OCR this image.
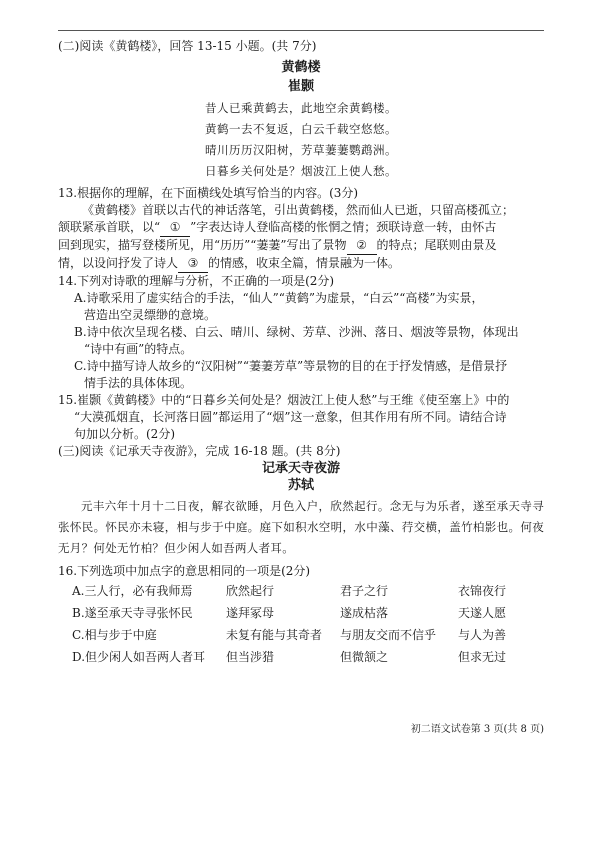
(二)阅读《黄鹤楼》，回答 13-15 小题。(共 7分)
黄鹤楼
崔颢
昔人已乘黄鹤去，此地空余黄鹤楼。
黄鹤一去不复返，白云千载空悠悠。
晴川历历汉阳树，芳草萋萋鹦鹉洲。
日暮乡关何处是？烟波江上使人愁。
13.根据你的理解，在下面横线处填写恰当的内容。(3分)
《黄鹤楼》首联以古代的神话落笔，引出黄鹤楼，然而仙人已逝，只留高楼孤立；
颔联紧承首联，以“ ① ”字表达诗人登临高楼的怅惘之情；颈联诗意一转，由怀古
回到现实，描写登楼所见，用“历历”“萋萋”写出了景物 ② 的特点；尾联则由景及
情，以设问抒发了诗人 ③ 的情感，收束全篇，情景融为一体。
14.下列对诗歌的理解与分析，不正确的一项是(2分)
A.诗歌采用了虚实结合的手法，“仙人”“黄鹤”为虚景，“白云”“高楼”为实景，
营造出空灵缥缈的意境。
B.诗中依次呈现名楼、白云、晴川、绿树、芳草、沙洲、落日、烟波等景物，体现出
“诗中有画”的特点。
C.诗中描写诗人故乡的“汉阳树”“萋萋芳草”等景物的目的在于抒发情感，是借景抒
情手法的具体体现。
15.崔颢《黄鹤楼》中的“日暮乡关何处是？烟波江上使人愁”与王维《使至塞上》中的
“大漠孤烟直，长河落日圆”都运用了“烟”这一意象，但其作用有所不同。请结合诗
句加以分析。(2分)
(三)阅读《记承天寺夜游》，完成 16-18 题。(共 8分)
记承天寺夜游
苏轼
元丰六年十月十二日夜，解衣欲睡，月色入户，欣然起行。念无与为乐者，遂至承天寺寻张怀民。怀民亦未寝，相与步于中庭。庭下如积水空明，水中藻、荇交横，盖竹柏影也。何夜无月？何处无竹柏？但少闲人如吾两人者耳。
16.下列选项中加点字的意思相同的一项是(2分)
A.三人行，必有我师焉	欣然起行	君子之行	衣锦夜行
B.遂至承天寺寻张怀民	遂拜冢母	遂成枯落	天遂人愿
C.相与步于中庭	未复有能与其奇者	与朋友交而不信乎	与人为善
D.但少闲人如吾两人者耳	但当涉猎	但微颔之	但求无过
初二语文试卷第 3 页(共 8 页)
